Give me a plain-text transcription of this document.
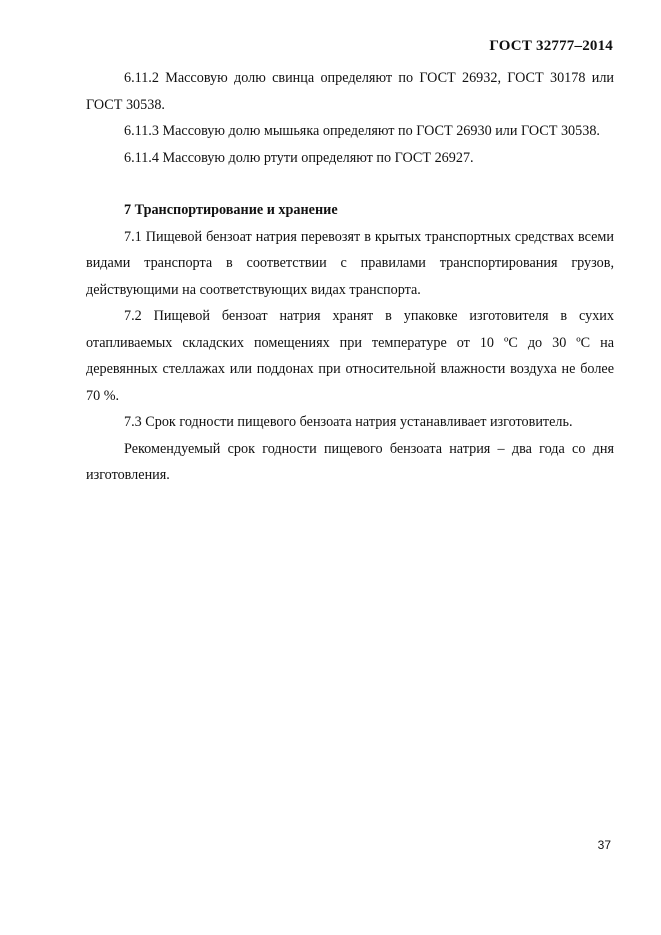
ГОСТ 32777–2014

6.11.2 Массовую долю свинца определяют по ГОСТ 26932, ГОСТ 30178 или ГОСТ 30538.

6.11.3 Массовую долю мышьяка определяют по ГОСТ 26930 или ГОСТ 30538.

6.11.4 Массовую долю ртути определяют по ГОСТ 26927.

7 Транспортирование и хранение

7.1 Пищевой бензоат натрия перевозят в крытых транспортных средствах всеми видами транспорта в соответствии с правилами транспортирования грузов, действующими на соответствующих видах транспорта.

7.2 Пищевой бензоат натрия хранят в упаковке изготовителя в сухих отапливаемых складских помещениях при температуре от 10 ºС до 30 ºС на деревянных стеллажах или поддонах при относительной влажности воздуха не более 70 %.

7.3 Срок годности пищевого бензоата натрия устанавливает изготовитель.

Рекомендуемый срок годности пищевого бензоата натрия – два года со дня изготовления.

37
